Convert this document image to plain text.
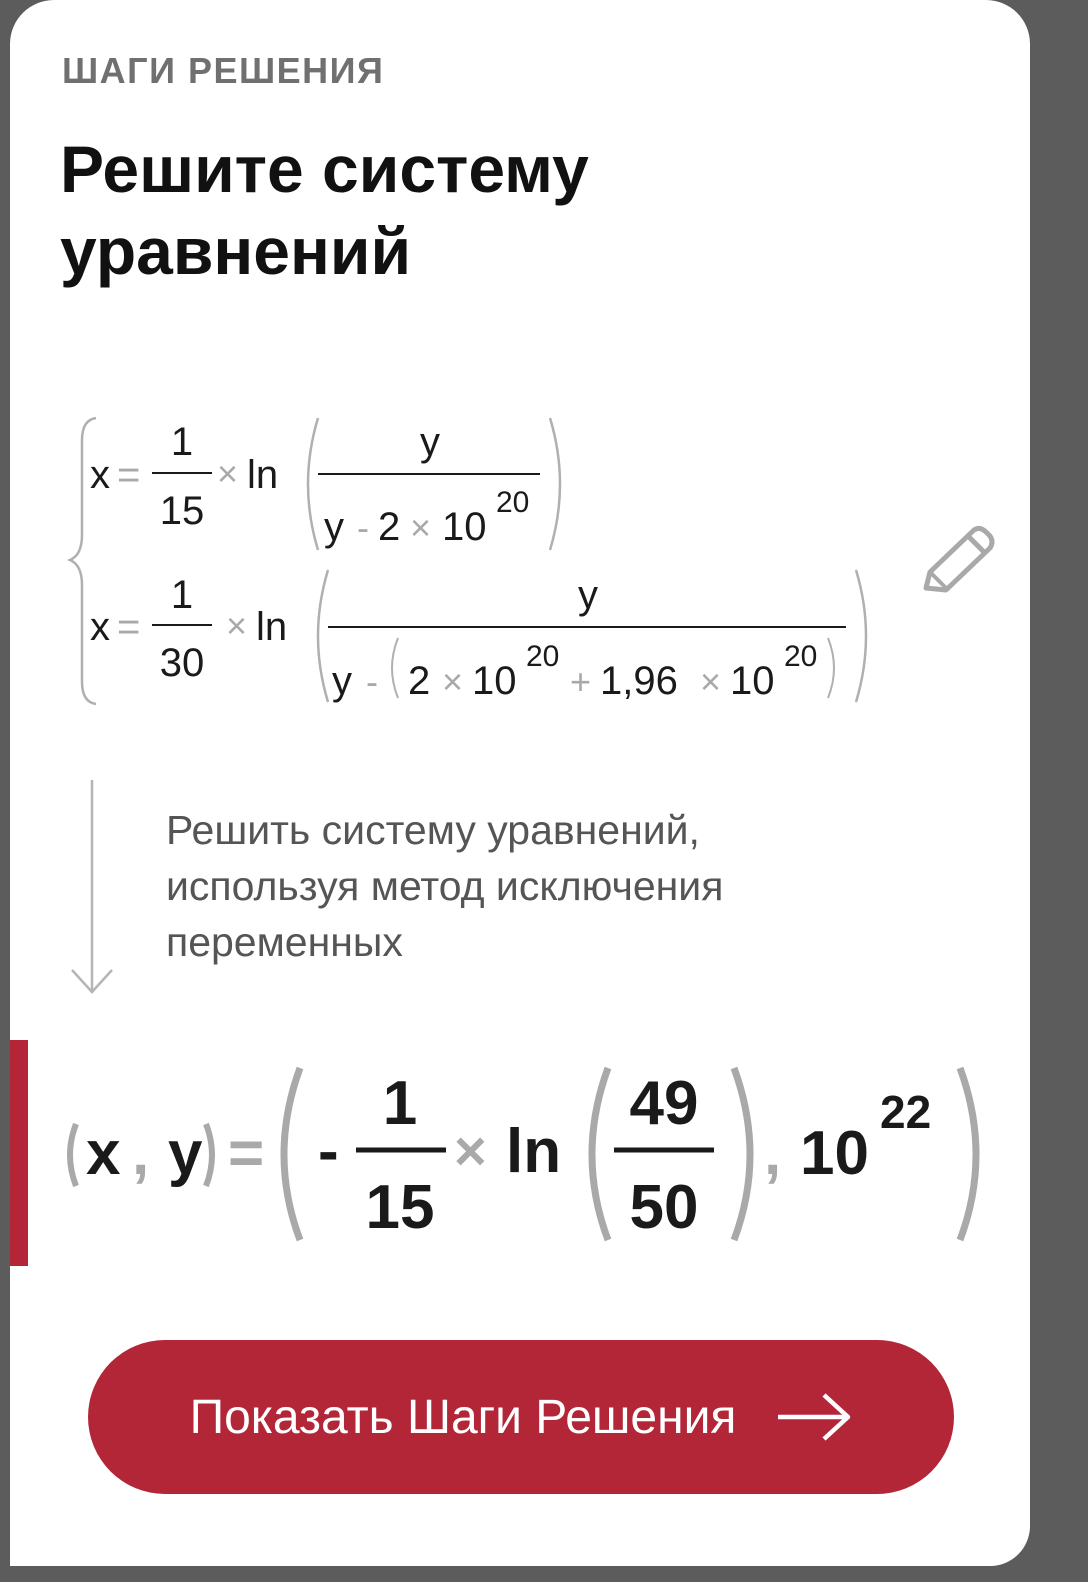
ШАГИ РЕШЕНИЯ

Решите систему уравнений
x =
1
15
× ln
y
y - 2 × 10
20
x =
1
30
× ln
y
y - 2 × 10
20
+ 1,96 × 10
20
x , y = -
1
15
× ln
49
50
, 10
22

Решить систему уравнений, используя метод исключения переменных

Показать Шаги Решения
